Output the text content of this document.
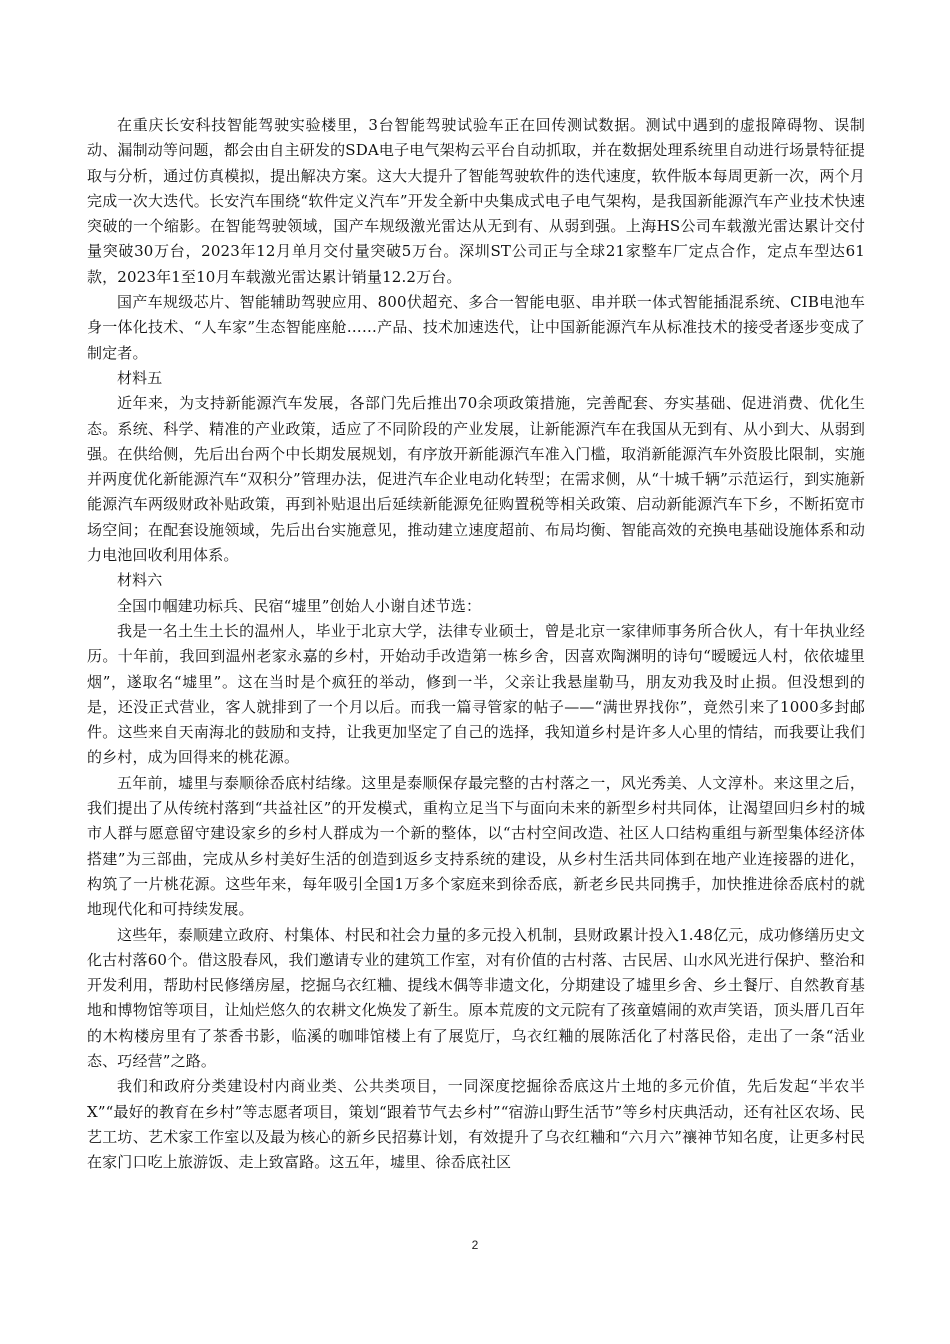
在重庆长安科技智能驾驶实验楼里，3台智能驾驶试验车正在回传测试数据。测试中遇到的虚报障碍物、误制动、漏制动等问题，都会由自主研发的SDA电子电气架构云平台自动抓取，并在数据处理系统里自动进行场景特征提取与分析，通过仿真模拟，提出解决方案。这大大提升了智能驾驶软件的迭代速度，软件版本每周更新一次，两个月完成一次大迭代。长安汽车围绕“软件定义汽车”开发全新中央集成式电子电气架构，是我国新能源汽车产业技术快速突破的一个缩影。在智能驾驶领域，国产车规级激光雷达从无到有、从弱到强。上海HS公司车载激光雷达累计交付量突破30万台，2023年12月单月交付量突破5万台。深圳ST公司正与全球21家整车厂定点合作，定点车型达61款，2023年1至10月车载激光雷达累计销量12.2万台。

国产车规级芯片、智能辅助驾驶应用、800伏超充、多合一智能电驱、串并联一体式智能插混系统、CIB电池车身一体化技术、“人车家”生态智能座舱……产品、技术加速迭代，让中国新能源汽车从标准技术的接受者逐步变成了制定者。

材料五

近年来，为支持新能源汽车发展，各部门先后推出70余项政策措施，完善配套、夯实基础、促进消费、优化生态。系统、科学、精准的产业政策，适应了不同阶段的产业发展，让新能源汽车在我国从无到有、从小到大、从弱到强。在供给侧，先后出台两个中长期发展规划，有序放开新能源汽车准入门槛，取消新能源汽车外资股比限制，实施并两度优化新能源汽车“双积分”管理办法，促进汽车企业电动化转型；在需求侧，从“十城千辆”示范运行，到实施新能源汽车两级财政补贴政策，再到补贴退出后延续新能源免征购置税等相关政策、启动新能源汽车下乡，不断拓宽市场空间；在配套设施领域，先后出台实施意见，推动建立速度超前、布局均衡、智能高效的充换电基础设施体系和动力电池回收利用体系。

材料六

全国巾帼建功标兵、民宿“墟里”创始人小谢自述节选：

我是一名土生土长的温州人，毕业于北京大学，法律专业硕士，曾是北京一家律师事务所合伙人，有十年执业经历。十年前，我回到温州老家永嘉的乡村，开始动手改造第一栋乡舍，因喜欢陶渊明的诗句“暧暧远人村，依依墟里烟”，遂取名“墟里”。这在当时是个疯狂的举动，修到一半，父亲让我悬崖勒马，朋友劝我及时止损。但没想到的是，还没正式营业，客人就排到了一个月以后。而我一篇寻管家的帖子——“满世界找你”，竟然引来了1000多封邮件。这些来自天南海北的鼓励和支持，让我更加坚定了自己的选择，我知道乡村是许多人心里的情结，而我要让我们的乡村，成为回得来的桃花源。

五年前，墟里与泰顺徐岙底村结缘。这里是泰顺保存最完整的古村落之一，风光秀美、人文淳朴。来这里之后，我们提出了从传统村落到“共益社区”的开发模式，重构立足当下与面向未来的新型乡村共同体，让渴望回归乡村的城市人群与愿意留守建设家乡的乡村人群成为一个新的整体，以“古村空间改造、社区人口结构重组与新型集体经济体搭建”为三部曲，完成从乡村美好生活的创造到返乡支持系统的建设，从乡村生活共同体到在地产业连接器的进化，构筑了一片桃花源。这些年来，每年吸引全国1万多个家庭来到徐岙底，新老乡民共同携手，加快推进徐岙底村的就地现代化和可持续发展。

这些年，泰顺建立政府、村集体、村民和社会力量的多元投入机制，县财政累计投入1.48亿元，成功修缮历史文化古村落60个。借这股春风，我们邀请专业的建筑工作室，对有价值的古村落、古民居、山水风光进行保护、整治和开发利用，帮助村民修缮房屋，挖掘乌衣红粬、提线木偶等非遗文化，分期建设了墟里乡舍、乡土餐厅、自然教育基地和博物馆等项目，让灿烂悠久的农耕文化焕发了新生。原本荒废的文元院有了孩童嬉闹的欢声笑语，顶头厝几百年的木构楼房里有了茶香书影，临溪的咖啡馆楼上有了展览厅，乌衣红粬的展陈活化了村落民俗，走出了一条“活业态、巧经营”之路。

我们和政府分类建设村内商业类、公共类项目，一同深度挖掘徐岙底这片土地的多元价值，先后发起“半农半X”“最好的教育在乡村”等志愿者项目，策划“跟着节气去乡村”“宿游山野生活节”等乡村庆典活动，还有社区农场、民艺工坊、艺术家工作室以及最为核心的新乡民招募计划，有效提升了乌衣红粬和“六月六”禳神节知名度，让更多村民在家门口吃上旅游饭、走上致富路。这五年，墟里、徐岙底社区

2
